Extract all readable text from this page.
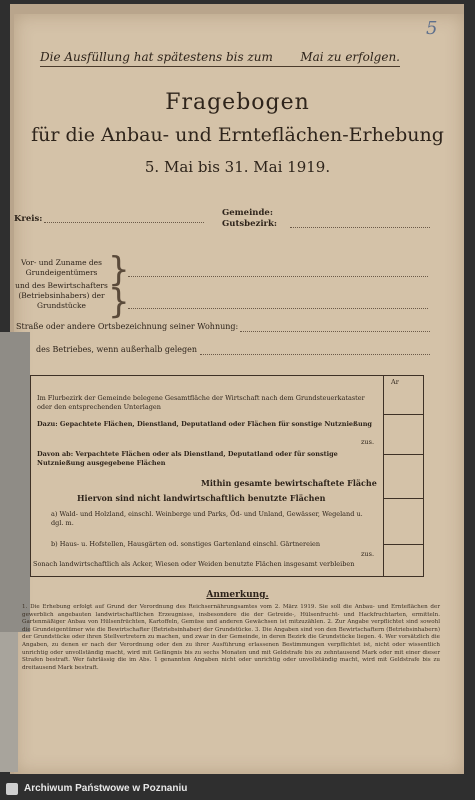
5
Die Ausfüllung hat spätestens bis zum Mai zu erfolgen.
Fragebogen
für die Anbau- und Ernteflächen-Erhebung
5. Mai bis 31. Mai 1919.
Kreis:
Gemeinde:
Gutsbezirk:
Vor- und Zuname des Grundeigentümers }
und des Bewirtschafters (Betriebsinhabers) der Grundstücke }
Straße oder andere Ortsbezeichnung seiner Wohnung:
des Betriebes, wenn außerhalb gelegen
Ar
Im Flurbezirk der Gemeinde belegene Gesamtfläche der Wirtschaft nach dem Grundsteuerkataster oder den entsprechenden Unterlagen
Dazu: Gepachtete Flächen, Dienstland, Deputatland oder Flächen für sonstige Nutznießung
zus.
Davon ab: Verpachtete Flächen oder als Dienstland, Deputatland oder für sonstige Nutznießung ausgegebene Flächen
Mithin gesamte bewirtschaftete Fläche
Hiervon sind nicht landwirtschaftlich benutzte Flächen
a) Wald- und Holzland, einschl. Weinberge und Parks, Öd- und Unland, Gewässer, Wegeland u. dgl. m.
b) Haus- u. Hofstellen, Hausgärten od. sonstiges Gartenland einschl. Gärtnereien
zus.
Sonach landwirtschaftlich als Acker, Wiesen oder Weiden benutzte Flächen insgesamt verbleiben
Anmerkung.
1. Die Erhebung erfolgt auf Grund der Verordnung des Reichsernährungsamtes vom 2. März 1919. Sie soll die Anbau- und Ernteflächen der gewerblich angebauten landwirtschaftlichen Erzeugnisse, insbesondere die der Getreide-, Hülsenfrucht- und Hackfruchtarten, ermitteln. Gartenmäßiger Anbau von Hülsenfrüchten, Kartoffeln, Gemüse und anderen Gewächsen ist mitzuzählen. 2. Zur Angabe verpflichtet sind sowohl die Grundeigentümer wie die Bewirtschafter (Betriebsinhaber) der Grundstücke. 3. Die Angaben sind von den Bewirtschaftern (Betriebsinhabern) der Grundstücke oder ihren Stellvertretern zu machen, und zwar in der Gemeinde, in deren Bezirk die Grundstücke liegen. 4. Wer vorsätzlich die Angaben, zu denen er nach der Verordnung oder den zu ihrer Ausführung erlassenen Bestimmungen verpflichtet ist, nicht oder wissentlich unrichtig oder unvollständig macht, wird mit Gefängnis bis zu sechs Monaten und mit Geldstrafe bis zu zehntausend Mark oder mit einer dieser Strafen bestraft. Wer fahrlässig die im Abs. 1 genannten Angaben nicht oder unrichtig oder unvollständig macht, wird mit Geldstrafe bis zu dreitausend Mark bestraft.
Archiwum Państwowe w Poznaniu
